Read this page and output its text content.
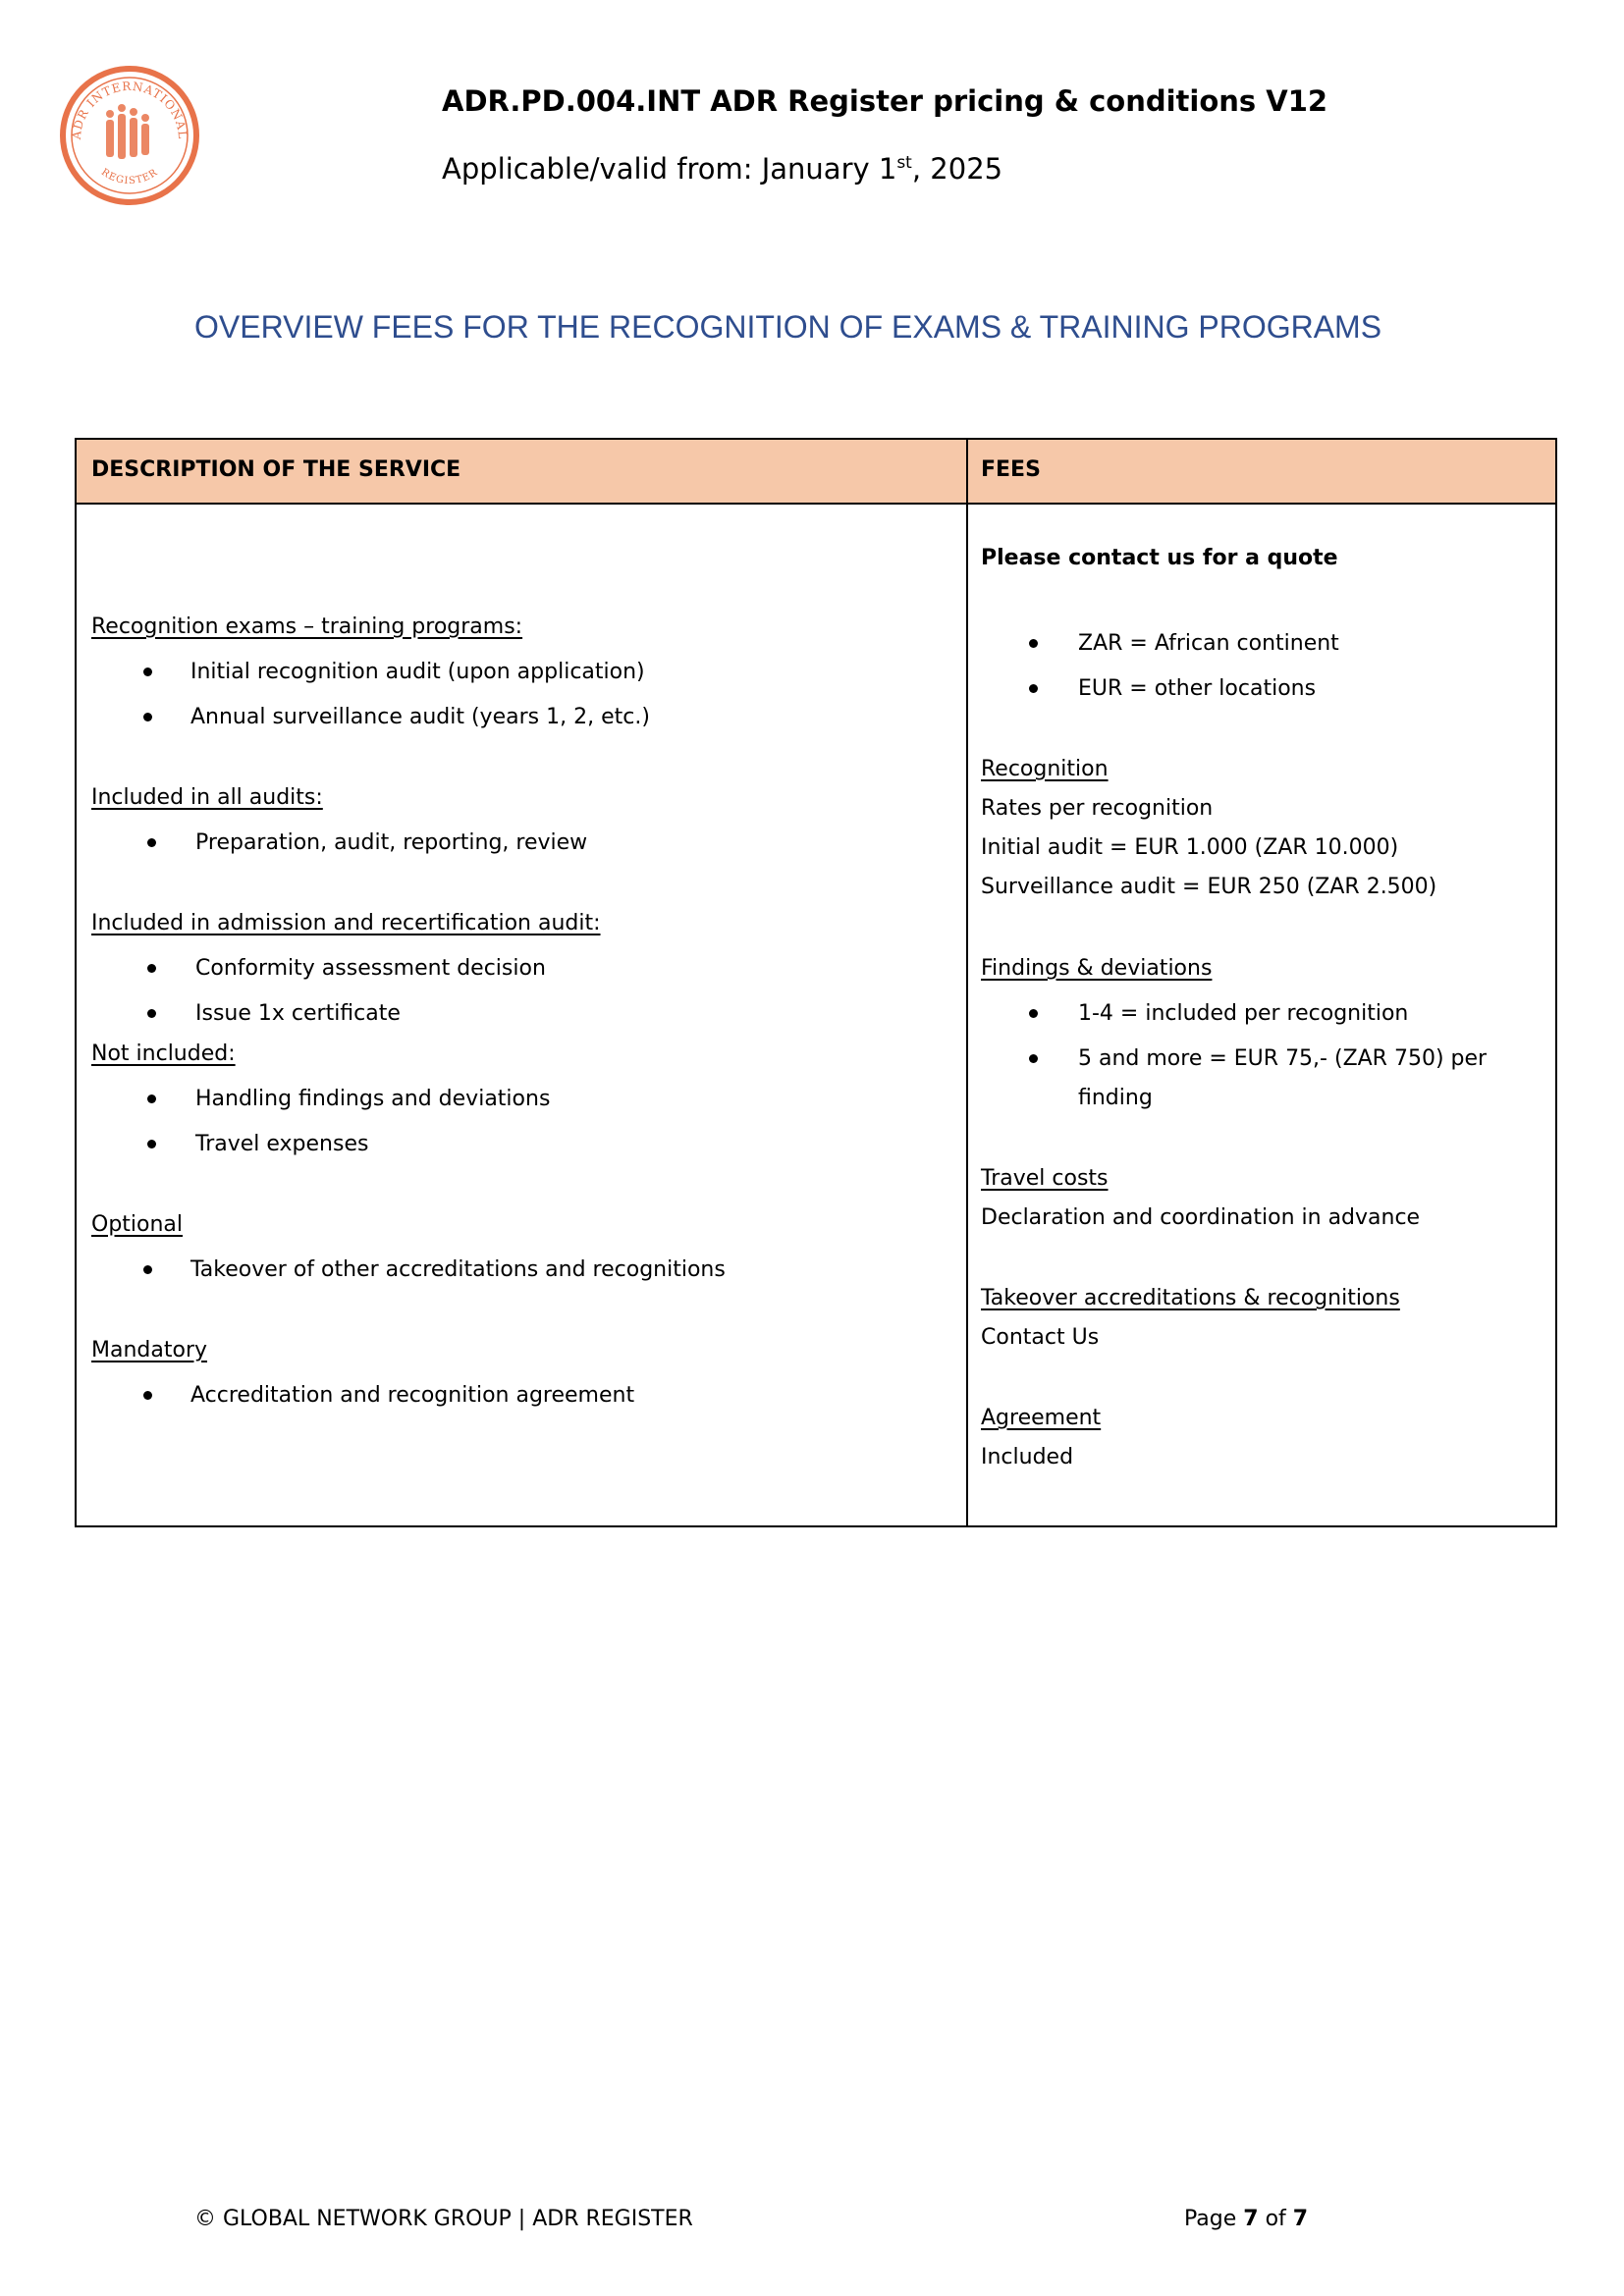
ADR INTERNATIONAL
REGISTER
ADR.PD.004.INT ADR Register pricing & conditions V12
Applicable/valid from: January 1st, 2025
OVERVIEW FEES FOR THE RECOGNITION OF EXAMS & TRAINING PROGRAMS
DESCRIPTION OF THE SERVICE	FEES
Recognition exams – training programs:
Initial recognition audit (upon application)
Annual surveillance audit (years 1, 2, etc.)
Included in all audits:
Preparation, audit, reporting, review
Included in admission and recertification audit:
Conformity assessment decision
Issue 1x certificate
Not included:
Handling findings and deviations
Travel expenses
Optional
Takeover of other accreditations and recognitions
Mandatory
Accreditation and recognition agreement
Please contact us for a quote
ZAR = African continent
EUR = other locations
Recognition
Rates per recognition
Initial audit = EUR 1.000 (ZAR 10.000)
Surveillance audit = EUR 250 (ZAR 2.500)
Findings & deviations
1-4 = included per recognition
5 and more = EUR 75,- (ZAR 750) per
finding
Travel costs
Declaration and coordination in advance
Takeover accreditations & recognitions
Contact Us
Agreement
Included
© GLOBAL NETWORK GROUP | ADR REGISTER	Page 7 of 7
